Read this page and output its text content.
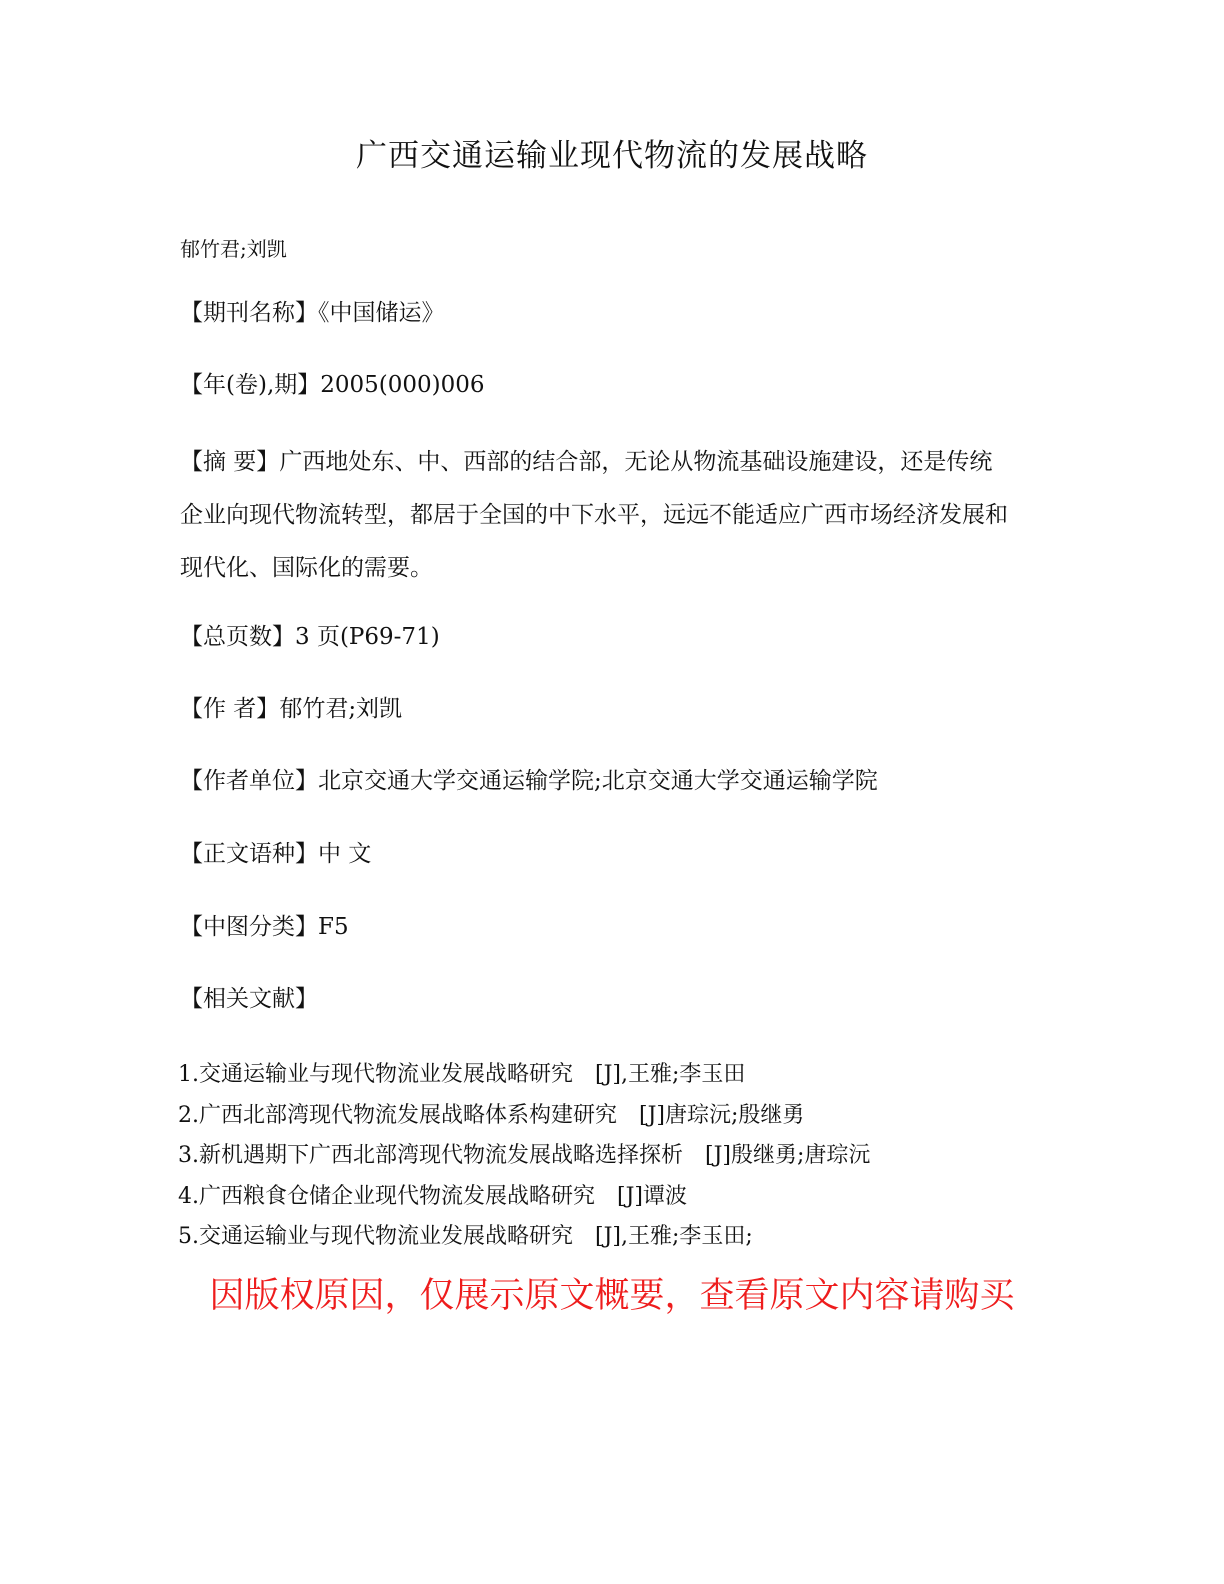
广西交通运输业现代物流的发展战略
郁竹君;刘凯
【期刊名称】《中国储运》
【年(卷),期】2005(000)006
【摘 要】广西地处东、中、西部的结合部，无论从物流基础设施建设，还是传统
企业向现代物流转型，都居于全国的中下水平，远远不能适应广西市场经济发展和
现代化、国际化的需要。
【总页数】3 页(P69-71)
【作 者】郁竹君;刘凯
【作者单位】北京交通大学交通运输学院;北京交通大学交通运输学院
【正文语种】中 文
【中图分类】F5
【相关文献】
1.交通运输业与现代物流业发展战略研究 [J],王雅;李玉田
2.广西北部湾现代物流发展战略体系构建研究 [J]唐琮沅;殷继勇
3.新机遇期下广西北部湾现代物流发展战略选择探析 [J]殷继勇;唐琮沅
4.广西粮食仓储企业现代物流发展战略研究 [J]谭波
5.交通运输业与现代物流业发展战略研究 [J],王雅;李玉田;
因版权原因，仅展示原文概要，查看原文内容请购买
